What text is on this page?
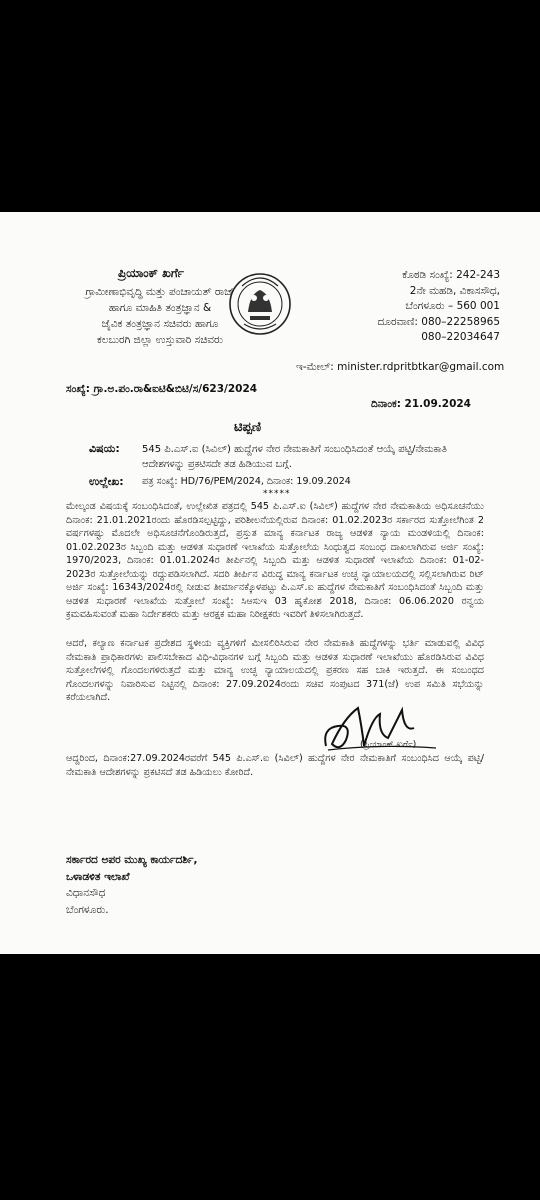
ಪ್ರಿಯಾಂಕ್ ಖರ್ಗೆ
ಗ್ರಾಮೀಣಾಭಿವೃದ್ಧಿ ಮತ್ತು ಪಂಚಾಯತ್ ರಾಜ್
ಹಾಗೂ ಮಾಹಿತಿ ತಂತ್ರಜ್ಞಾನ &
ಜೈವಿಕ ತಂತ್ರಜ್ಞಾನ ಸಚಿವರು ಹಾಗೂ
ಕಲಬುರಗಿ ಜಿಲ್ಲಾ ಉಸ್ತುವಾರಿ ಸಚಿವರು
ಕೊಠಡಿ ಸಂಖ್ಯೆ: 242-243
2ನೇ ಮಹಡಿ, ವಿಕಾಸಸೌಧ,
ಬೆಂಗಳೂರು – 560 001
ದೂರವಾಣಿ: 080–22258965
080–22034647
ಇ-ಮೇಲ್: minister.rdpritbtkar@gmail.com
ಸಂಖ್ಯೆ: ಗ್ರಾ.ಅ.ಪಂ.ರಾ&ಐಟಿ&ಬಿಟಿ/ಸ/623/2024
ದಿನಾಂಕ: 21.09.2024
ಟಿಪ್ಪಣಿ
ವಿಷಯ: 545 ಪಿ.ಎಸ್.ಐ (ಸಿವಿಲ್) ಹುದ್ದೆಗಳ ನೇರ ನೇಮಕಾತಿಗೆ ಸಂಬಂಧಿಸಿದಂತೆ ಆಯ್ಕೆ ಪಟ್ಟಿ/ನೇಮಕಾತಿ ಆದೇಶಗಳನ್ನು ಪ್ರಕಟಿಸದೇ ತಡ ಹಿಡಿಯುವ ಬಗ್ಗೆ.
ಉಲ್ಲೇಖ: ಪತ್ರ ಸಂಖ್ಯೆ: HD/76/PEM/2024, ದಿನಾಂಕ: 19.09.2024
*****
ಮೇಲ್ಕಂಡ ವಿಷಯಕ್ಕೆ ಸಂಬಂಧಿಸಿದಂತೆ, ಉಲ್ಲೇಖಿತ ಪತ್ರದಲ್ಲಿ 545 ಪಿ.ಎಸ್.ಐ (ಸಿವಿಲ್) ಹುದ್ದೆಗಳ ನೇರ ನೇಮಕಾತಿಯ ಅಧಿಸೂಚನೆಯು ದಿನಾಂಕ: 21.01.2021ರಂದು ಹೊರಡಿಸಲ್ಪಟ್ಟಿದ್ದು, ಪರಿಶೀಲನೆಯಲ್ಲಿರುವ ದಿನಾಂಕ: 01.02.2023ರ ಸರ್ಕಾರದ ಸುತ್ತೋಲೆಗಿಂತ 2 ವರ್ಷಗಳಷ್ಟು ಮೊದಲೇ ಅಧಿಸೂಚನೆಗೊಂಡಿರುತ್ತದೆ, ಪ್ರಸ್ತುತ ಮಾನ್ಯ ಕರ್ನಾಟಕ ರಾಜ್ಯ ಆಡಳಿತ ನ್ಯಾಯ ಮಂಡಳಿಯಲ್ಲಿ ದಿನಾಂಕ: 01.02.2023ರ ಸಿಬ್ಬಂದಿ ಮತ್ತು ಆಡಳಿತ ಸುಧಾರಣೆ ಇಲಾಖೆಯ ಸುತ್ತೋಲೆಯ ಸಿಂಧುತ್ವದ ಸಂಬಂಧ ದಾಖಲಾಗಿರುವ ಅರ್ಜಿ ಸಂಖ್ಯೆ: 1970/2023, ದಿನಾಂಕ: 01.01.2024ರ ತೀರ್ಪಿನಲ್ಲಿ ಸಿಬ್ಬಂದಿ ಮತ್ತು ಆಡಳಿತ ಸುಧಾರಣೆ ಇಲಾಖೆಯ ದಿನಾಂಕ: 01-02-2023ರ ಸುತ್ತೋಲೆಯನ್ನು ರದ್ದುಪಡಿಸಲಾಗಿದೆ. ಸದರಿ ತೀರ್ಪಿನ ವಿರುದ್ಧ ಮಾನ್ಯ ಕರ್ನಾಟಕ ಉಚ್ಛ ನ್ಯಾಯಾಲಯದಲ್ಲಿ ಸಲ್ಲಿಸಲಾಗಿರುವ ರಿಟ್ ಅರ್ಜಿ ಸಂಖ್ಯೆ: 16343/2024ರಲ್ಲಿ ನೀಡುವ ತೀರ್ಮಾನಕ್ಕೊಳಪಟ್ಟು ಪಿ.ಎಸ್.ಐ ಹುದ್ದೆಗಳ ನೇಮಕಾತಿಗೆ ಸಂಬಂಧಿಸಿದಂತೆ ಸಿಬ್ಬಂದಿ ಮತ್ತು ಆಡಳಿತ ಸುಧಾರಣೆ ಇಲಾಖೆಯ ಸುತ್ತೋಲೆ ಸಂಖ್ಯೆ: ಸಿಆಸುಇ 03 ಹೃಕೋಶ 2018, ದಿನಾಂಕ: 06.06.2020 ರನ್ವಯ ಕ್ರಮವಹಿಸುವಂತೆ ಮಹಾ ನಿರ್ದೇಶಕರು ಮತ್ತು ಆರಕ್ಷಕ ಮಹಾ ನಿರೀಕ್ಷಕರು ಇವರಿಗೆ ತಿಳಿಸಲಾಗಿರುತ್ತದೆ.
ಆದರೆ, ಕಲ್ಯಾಣ ಕರ್ನಾಟಕ ಪ್ರದೇಶದ ಸ್ಥಳೀಯ ವ್ಯಕ್ತಿಗಳಿಗೆ ಮೀಸಲಿರಿಸಿರುವ ನೇರ ನೇಮಕಾತಿ ಹುದ್ದೆಗಳನ್ನು ಭರ್ತಿ ಮಾಡುವಲ್ಲಿ ವಿವಿಧ ನೇಮಕಾತಿ ಪ್ರಾಧಿಕಾರಗಳು ಪಾಲಿಸಬೇಕಾದ ವಿಧಿ-ವಿಧಾನಗಳ ಬಗ್ಗೆ ಸಿಬ್ಬಂದಿ ಮತ್ತು ಆಡಳಿತ ಸುಧಾರಣೆ ಇಲಾಖೆಯು ಹೊರಡಿಸಿರುವ ವಿವಿಧ ಸುತ್ತೋಲೆಗಳಲ್ಲಿ ಗೊಂದಲಗಳಿರುತ್ತದೆ ಮತ್ತು ಮಾನ್ಯ ಉಚ್ಛ ನ್ಯಾಯಾಲಯದಲ್ಲಿ ಪ್ರಕರಣ ಸಹ ಬಾಕಿ ಇರುತ್ತದೆ. ಈ ಸಂಬಂಧದ ಗೊಂದಲಗಳನ್ನು ನಿವಾರಿಸುವ ನಿಟ್ಟಿನಲ್ಲಿ ದಿನಾಂಕ: 27.09.2024ರಂದು ಸಚಿವ ಸಂಪುಟದ 371(ಜೆ) ಉಪ ಸಮಿತಿ ಸಭೆಯನ್ನು ಕರೆಯಲಾಗಿದೆ.
ಆದ್ದರಿಂದ, ದಿನಾಂಕ:27.09.2024ರವರೆಗೆ 545 ಪಿ.ಎಸ್.ಐ (ಸಿವಿಲ್) ಹುದ್ದೆಗಳ ನೇರ ನೇಮಕಾತಿಗೆ ಸಂಬಂಧಿಸಿದ ಆಯ್ಕೆ ಪಟ್ಟಿ/ನೇಮಕಾತಿ ಆದೇಶಗಳನ್ನು ಪ್ರಕಟಿಸದೆ ತಡ ಹಿಡಿಯಲು ಕೋರಿದೆ.
(ಪ್ರಿಯಾಂಕ್ ಖರ್ಗೆ)
ಸರ್ಕಾರದ ಅಪರ ಮುಖ್ಯ ಕಾರ್ಯದರ್ಶಿ,
ಒಳಾಡಳಿತ ಇಲಾಖೆ
ವಿಧಾನಸೌಧ
ಬೆಂಗಳೂರು.
